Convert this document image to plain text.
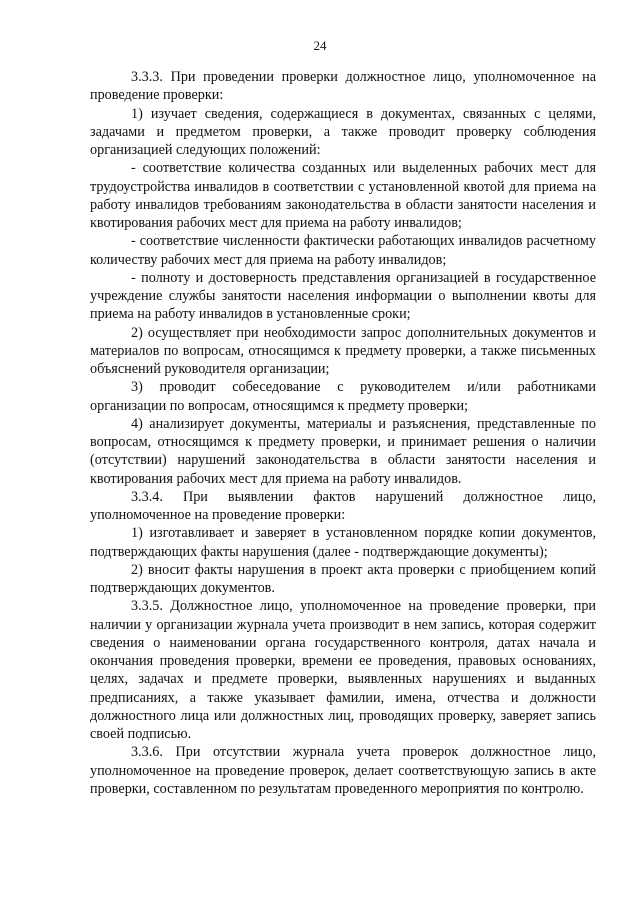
24

3.3.3. При проведении проверки должностное лицо, уполномоченное на проведение проверки:

1) изучает сведения, содержащиеся в документах, связанных с целями, задачами и предметом проверки, а также проводит проверку соблюдения организацией следующих положений:

- соответствие количества созданных или выделенных рабочих мест для трудоустройства инвалидов в соответствии с установленной квотой для приема на работу инвалидов требованиям законодательства в области занятости населения и квотирования рабочих мест для приема на работу инвалидов;

- соответствие численности фактически работающих инвалидов расчетному количеству рабочих мест для приема на работу инвалидов;

- полноту и достоверность представления организацией в государственное учреждение службы занятости населения информации о выполнении квоты для приема на работу инвалидов в установленные сроки;

2) осуществляет при необходимости запрос дополнительных документов и материалов по вопросам, относящимся к предмету проверки, а также письменных объяснений руководителя организации;

3) проводит собеседование с руководителем и/или работниками организации по вопросам, относящимся к предмету проверки;

4) анализирует документы, материалы и разъяснения, представленные по вопросам, относящимся к предмету проверки, и принимает решения о наличии (отсутствии) нарушений законодательства в области занятости населения и квотирования рабочих мест для приема на работу инвалидов.

3.3.4. При выявлении фактов нарушений должностное лицо, уполномоченное на проведение проверки:

1) изготавливает и заверяет в установленном порядке копии документов, подтверждающих факты нарушения (далее - подтверждающие документы);

2) вносит факты нарушения в проект акта проверки с приобщением копий подтверждающих документов.

3.3.5. Должностное лицо, уполномоченное на проведение проверки, при наличии у организации журнала учета производит в нем запись, которая содержит сведения о наименовании органа государственного контроля, датах начала и окончания проведения проверки, времени ее проведения, правовых основаниях, целях, задачах и предмете проверки, выявленных нарушениях и выданных предписаниях, а также указывает фамилии, имена, отчества и должности должностного лица или должностных лиц, проводящих проверку, заверяет запись своей подписью.

3.3.6. При отсутствии журнала учета проверок должностное лицо, уполномоченное на проведение проверок, делает соответствующую запись в акте проверки, составленном по результатам проведенного мероприятия по контролю.
